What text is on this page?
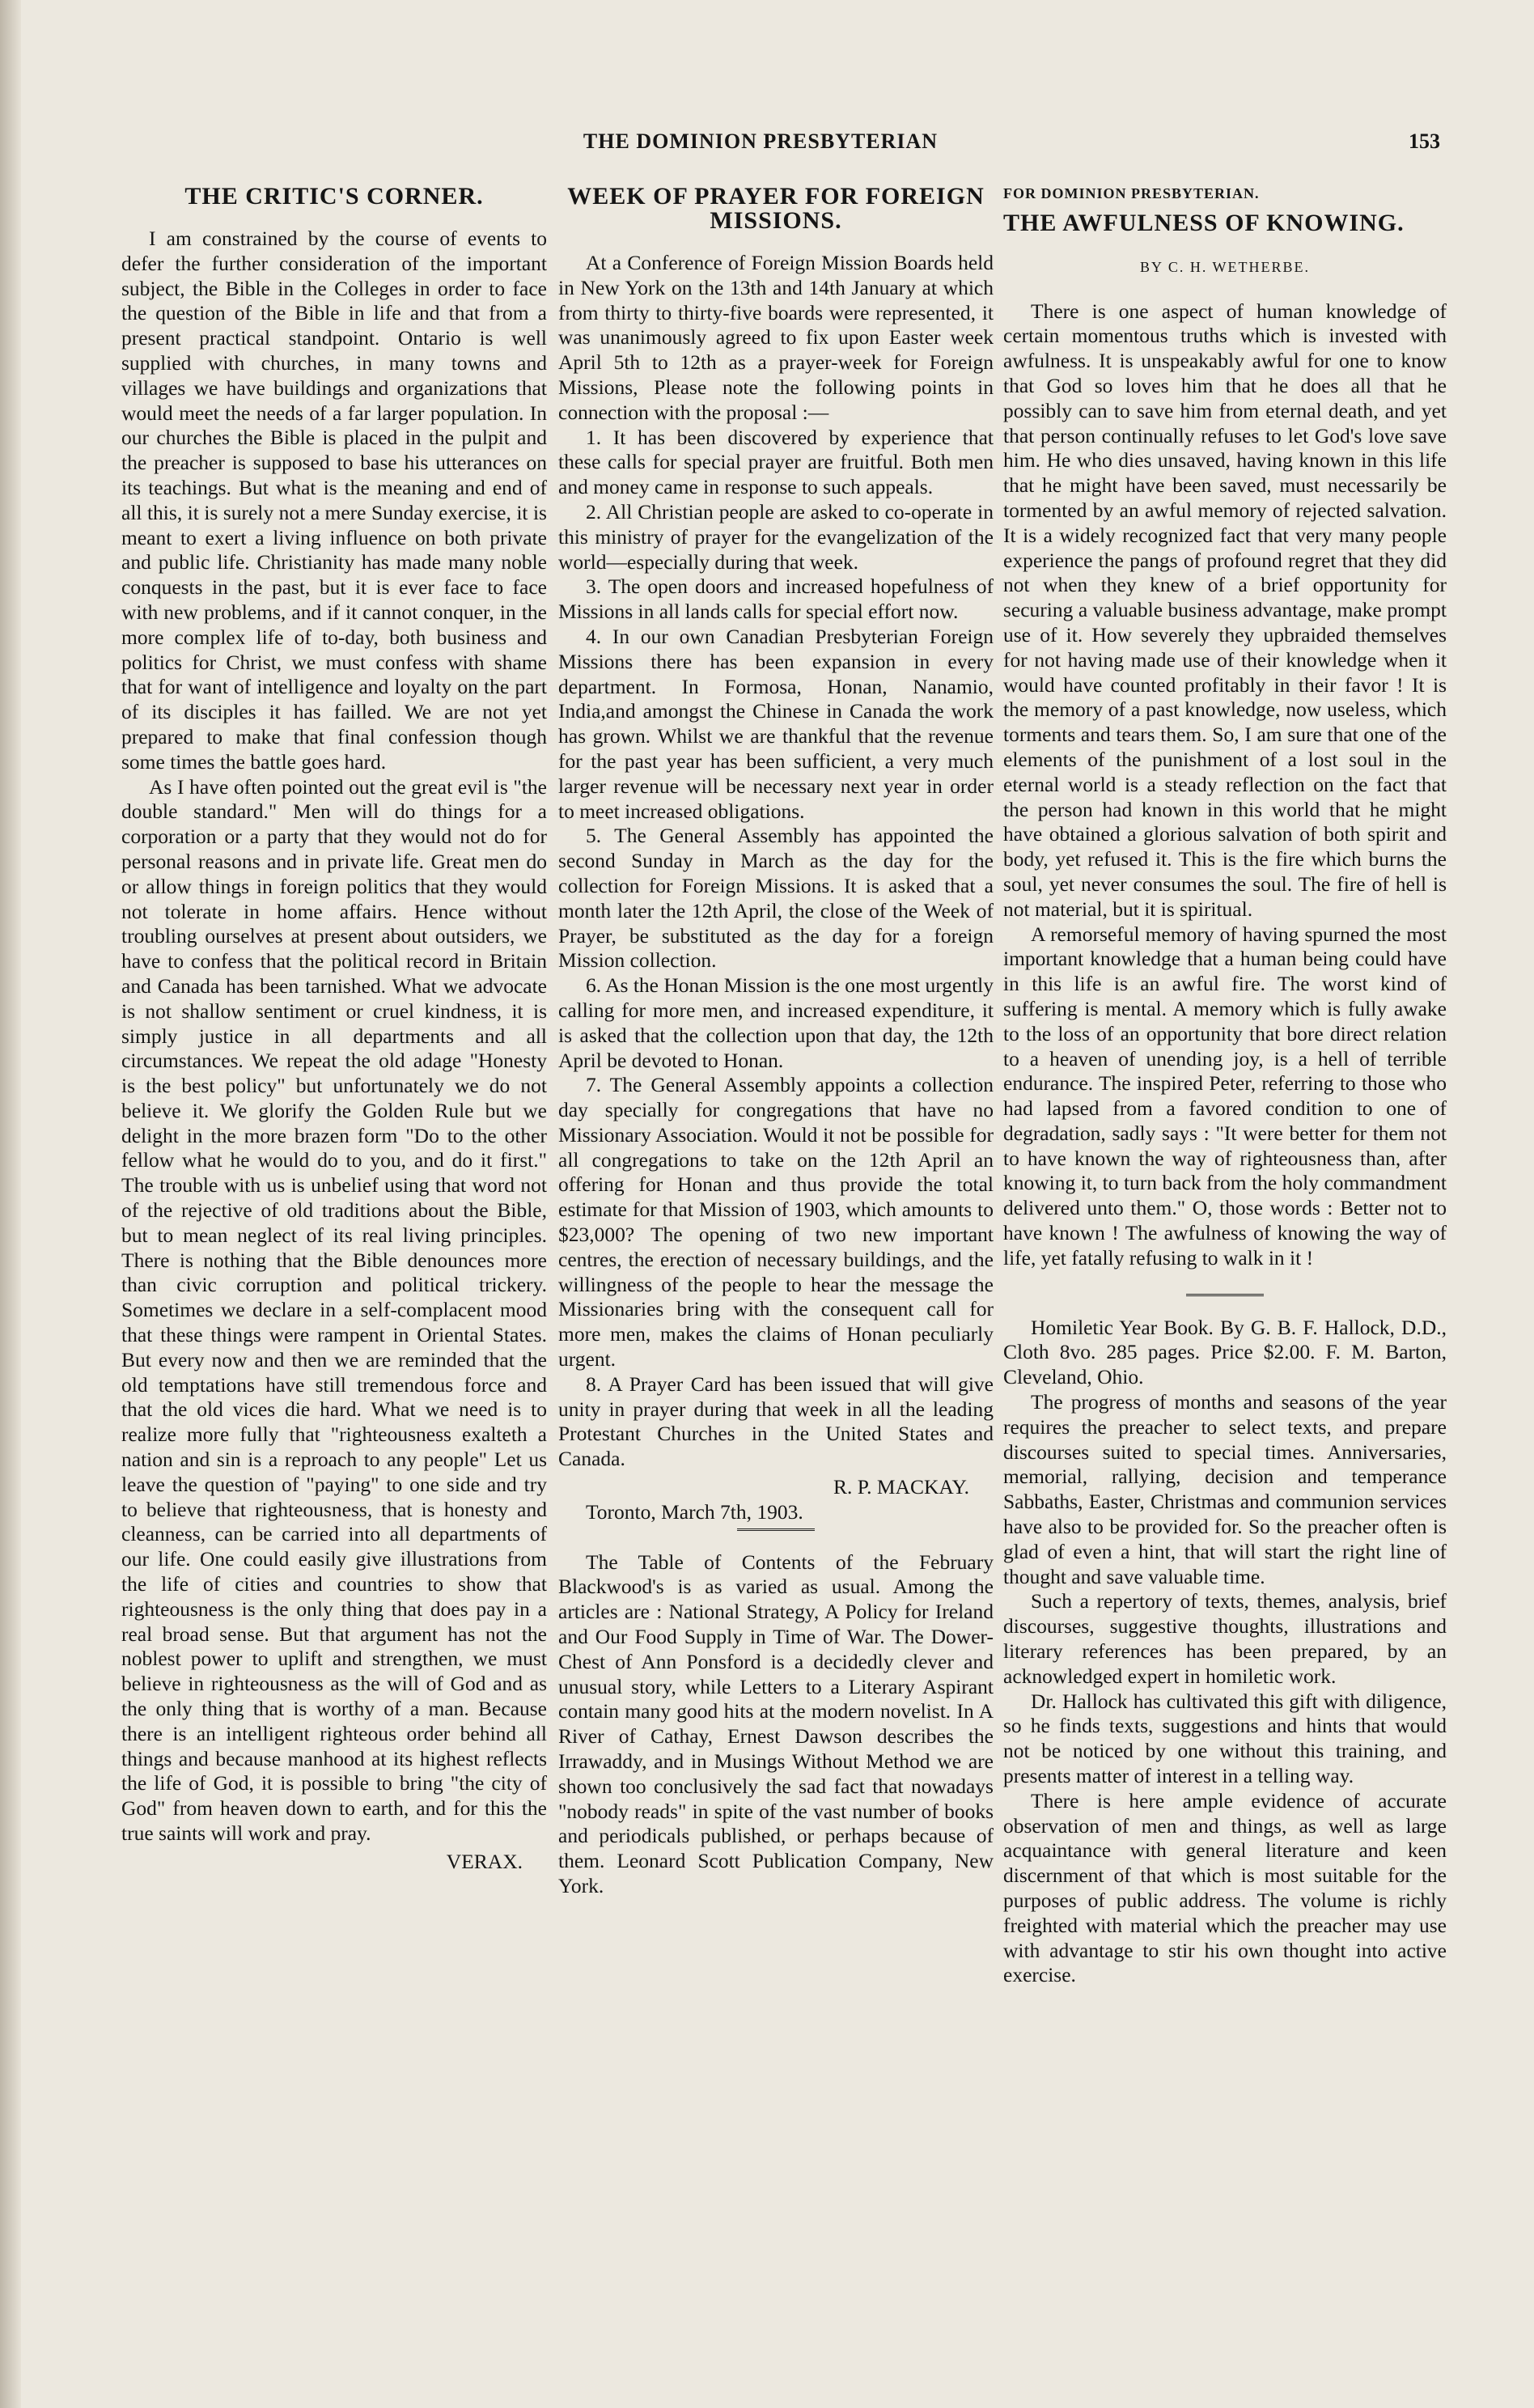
THE DOMINION PRESBYTERIAN	153
THE CRITIC'S CORNER.

I am constrained by the course of events to defer the further consideration of the important subject, the Bible in the Colleges in order to face the question of the Bible in life and that from a present practical standpoint. Ontario is well supplied with churches, in many towns and villages we have buildings and organizations that would meet the needs of a far larger population. In our churches the Bible is placed in the pulpit and the preacher is supposed to base his utterances on its teachings. But what is the meaning and end of all this, it is surely not a mere Sunday exercise, it is meant to exert a living influence on both private and public life. Christianity has made many noble conquests in the past, but it is ever face to face with new problems, and if it cannot conquer, in the more complex life of to-day, both business and politics for Christ, we must confess with shame that for want of intelligence and loyalty on the part of its disciples it has failled. We are not yet prepared to make that final confession though some times the battle goes hard.

As I have often pointed out the great evil is "the double standard." Men will do things for a corporation or a party that they would not do for personal reasons and in private life. Great men do or allow things in foreign politics that they would not tolerate in home affairs. Hence without troubling ourselves at present about outsiders, we have to confess that the political record in Britain and Canada has been tarnished. What we advocate is not shallow sentiment or cruel kindness, it is simply justice in all departments and all circumstances. We repeat the old adage "Honesty is the best policy" but unfortunately we do not believe it. We glorify the Golden Rule but we delight in the more brazen form "Do to the other fellow what he would do to you, and do it first." The trouble with us is unbelief using that word not of the rejective of old traditions about the Bible, but to mean neglect of its real living principles. There is nothing that the Bible denounces more than civic corruption and political trickery. Sometimes we declare in a self-complacent mood that these things were rampent in Oriental States. But every now and then we are reminded that the old temptations have still tremendous force and that the old vices die hard. What we need is to realize more fully that "righteousness exalteth a nation and sin is a reproach to any people" Let us leave the question of "paying" to one side and try to believe that righteousness, that is honesty and cleanness, can be carried into all departments of our life. One could easily give illustrations from the life of cities and countries to show that righteousness is the only thing that does pay in a real broad sense. But that argument has not the noblest power to uplift and strengthen, we must believe in righteousness as the will of God and as the only thing that is worthy of a man. Because there is an intelligent righteous order behind all things and because manhood at its highest reflects the life of God, it is possible to bring "the city of God" from heaven down to earth, and for this the true saints will work and pray.

VERAX.
WEEK OF PRAYER FOR FOREIGN MISSIONS.

At a Conference of Foreign Mission Boards held in New York on the 13th and 14th January at which from thirty to thirty-five boards were represented, it was unanimously agreed to fix upon Easter week April 5th to 12th as a prayer-week for Foreign Missions, Please note the following points in connection with the proposal :—

1. It has been discovered by experience that these calls for special prayer are fruitful. Both men and money came in response to such appeals.

2. All Christian people are asked to co-operate in this ministry of prayer for the evangelization of the world—especially during that week.

3. The open doors and increased hopefulness of Missions in all lands calls for special effort now.

4. In our own Canadian Presbyterian Foreign Missions there has been expansion in every department. In Formosa, Honan, Nanamio, India,and amongst the Chinese in Canada the work has grown. Whilst we are thankful that the revenue for the past year has been sufficient, a very much larger revenue will be necessary next year in order to meet increased obligations.

5. The General Assembly has appointed the second Sunday in March as the day for the collection for Foreign Missions. It is asked that a month later the 12th April, the close of the Week of Prayer, be substituted as the day for a foreign Mission collection.

6. As the Honan Mission is the one most urgently calling for more men, and increased expenditure, it is asked that the collection upon that day, the 12th April be devoted to Honan.

7. The General Assembly appoints a collection day specially for congregations that have no Missionary Association. Would it not be possible for all congregations to take on the 12th April an offering for Honan and thus provide the total estimate for that Mission of 1903, which amounts to $23,000? The opening of two new important centres, the erection of necessary buildings, and the willingness of the people to hear the message the Missionaries bring with the consequent call for more men, makes the claims of Honan peculiarly urgent.

8. A Prayer Card has been issued that will give unity in prayer during that week in all the leading Protestant Churches in the United States and Canada.

R. P. MACKAY.

Toronto, March 7th, 1903.

The Table of Contents of the February Blackwood's is as varied as usual. Among the articles are : National Strategy, A Policy for Ireland and Our Food Supply in Time of War. The Dower-Chest of Ann Ponsford is a decidedly clever and unusual story, while Letters to a Literary Aspirant contain many good hits at the modern novelist. In A River of Cathay, Ernest Dawson describes the Irrawaddy, and in Musings Without Method we are shown too conclusively the sad fact that nowadays "nobody reads" in spite of the vast number of books and periodicals published, or perhaps because of them. Leonard Scott Publication Company, New York.

FOR DOMINION PRESBYTERIAN.
THE AWFULNESS OF KNOWING.
BY C. H. WETHERBE.

There is one aspect of human knowledge of certain momentous truths which is invested with awfulness. It is unspeakably awful for one to know that God so loves him that he does all that he possibly can to save him from eternal death, and yet that person continually refuses to let God's love save him. He who dies unsaved, having known in this life that he might have been saved, must necessarily be tormented by an awful memory of rejected salvation. It is a widely recognized fact that very many people experience the pangs of profound regret that they did not when they knew of a brief opportunity for securing a valuable business advantage, make prompt use of it. How severely they upbraided themselves for not having made use of their knowledge when it would have counted profitably in their favor ! It is the memory of a past knowledge, now useless, which torments and tears them. So, I am sure that one of the elements of the punishment of a lost soul in the eternal world is a steady reflection on the fact that the person had known in this world that he might have obtained a glorious salvation of both spirit and body, yet refused it. This is the fire which burns the soul, yet never consumes the soul. The fire of hell is not material, but it is spiritual.

A remorseful memory of having spurned the most important knowledge that a human being could have in this life is an awful fire. The worst kind of suffering is mental. A memory which is fully awake to the loss of an opportunity that bore direct relation to a heaven of unending joy, is a hell of terrible endurance. The inspired Peter, referring to those who had lapsed from a favored condition to one of degradation, sadly says : "It were better for them not to have known the way of righteousness than, after knowing it, to turn back from the holy commandment delivered unto them." O, those words : Better not to have known ! The awfulness of knowing the way of life, yet fatally refusing to walk in it !

Homiletic Year Book. By G. B. F. Hallock, D.D., Cloth 8vo. 285 pages. Price $2.00. F. M. Barton, Cleveland, Ohio.

The progress of months and seasons of the year requires the preacher to select texts, and prepare discourses suited to special times. Anniversaries, memorial, rallying, decision and temperance Sabbaths, Easter, Christmas and communion services have also to be provided for. So the preacher often is glad of even a hint, that will start the right line of thought and save valuable time.

Such a repertory of texts, themes, analysis, brief discourses, suggestive thoughts, illustrations and literary references has been prepared, by an acknowledged expert in homiletic work.

Dr. Hallock has cultivated this gift with diligence, so he finds texts, suggestions and hints that would not be noticed by one without this training, and presents matter of interest in a telling way.

There is here ample evidence of accurate observation of men and things, as well as large acquaintance with general literature and keen discernment of that which is most suitable for the purposes of public address. The volume is richly freighted with material which the preacher may use with advantage to stir his own thought into active exercise.
